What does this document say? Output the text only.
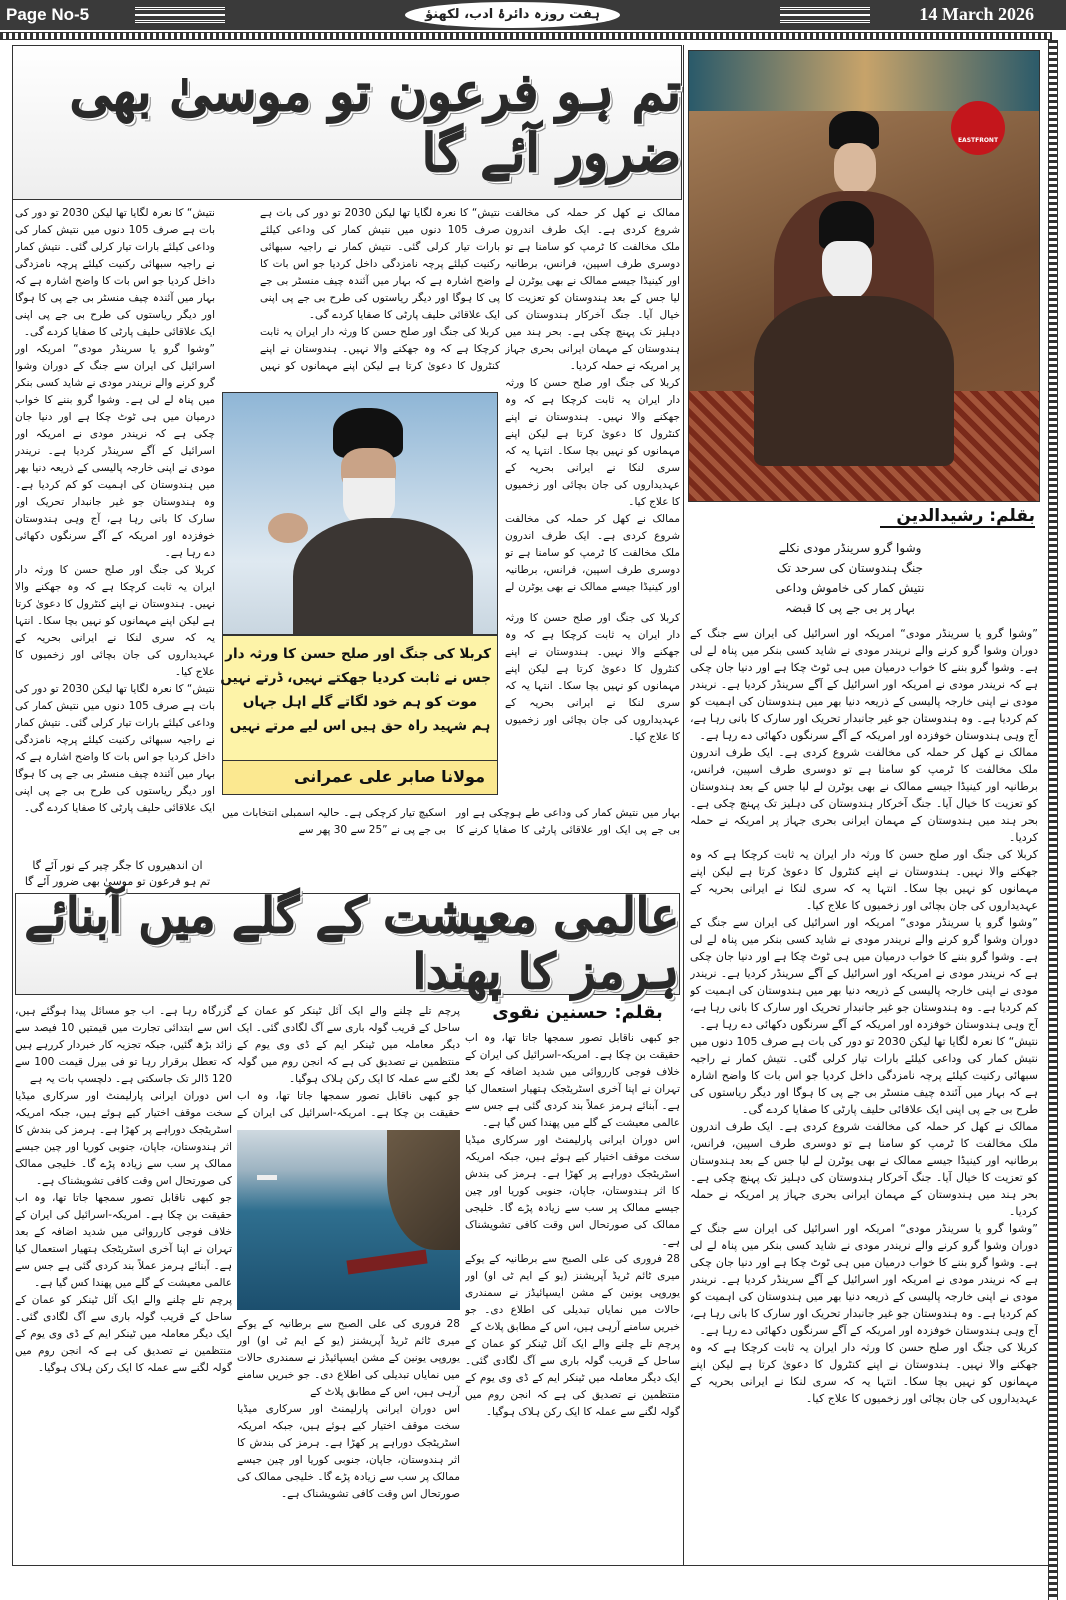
Page No-5	ہفت روزہ دائرۂ ادب، لکھنؤ	14 March 2026
تم ہو فرعون تو موسیٰ بھی ضرور آئے گا

ممالک نے کھل کر حملہ کی مخالفت شروع کردی ہے۔ ایک طرف اندرون ملک مخالفت کا ٹرمپ کو سامنا ہے تو دوسری طرف اسپین، فرانس، برطانیہ اور کینیڈا جیسے ممالک نے بھی یوٹرن لے لیا جس کے بعد ہندوستان کو تعزیت کا خیال آیا۔ جنگ آخرکار ہندوستان کی دہلیز تک پہنچ چکی ہے۔ بحر ہند میں ہندوستان کے مہمان ایرانی بحری جہاز پر امریکہ نے حملہ کردیا۔

کربلا کی جنگ اور صلح حسن کا ورثہ دار ایران یہ ثابت کرچکا ہے کہ وہ جھکنے والا نہیں۔ ہندوستان نے اپنے کنٹرول کا دعویٰ کرتا ہے لیکن اپنے مہمانوں کو نہیں بچا سکا۔ انتہا یہ کہ سری لنکا نے ایرانی بحریہ کے عہدیداروں کی جان بچائی اور زخمیوں کا علاج کیا۔

ممالک نے کھل کر حملہ کی مخالفت شروع کردی ہے۔ ایک طرف اندرون ملک مخالفت کا ٹرمپ کو سامنا ہے تو دوسری طرف اسپین، فرانس، برطانیہ اور کینیڈا جیسے ممالک نے بھی یوٹرن لے

نتیش“ کا نعرہ لگایا تھا لیکن 2030 تو دور کی بات ہے صرف 105 دنوں میں نتیش کمار کی وداعی کیلئے بارات تیار کرلی گئی۔ نتیش کمار نے راجیہ سبھائی رکنیت کیلئے پرچہ نامزدگی داخل کردیا جو اس بات کا واضح اشارہ ہے کہ بہار میں آئندہ چیف منسٹر بی جے پی کا ہوگا اور دیگر ریاستوں کی طرح بی جے پی اپنی ایک علاقائی حلیف پارٹی کا صفایا کردے گی۔

کربلا کی جنگ اور صلح حسن کا ورثہ دار ایران یہ ثابت کرچکا ہے کہ وہ جھکنے والا نہیں۔ ہندوستان نے اپنے کنٹرول کا دعویٰ کرتا ہے لیکن اپنے مہمانوں کو نہیں

نتیش“ کا نعرہ لگایا تھا لیکن 2030 تو دور کی بات ہے صرف 105 دنوں میں نتیش کمار کی وداعی کیلئے بارات تیار کرلی گئی۔ نتیش کمار نے راجیہ سبھائی رکنیت کیلئے پرچہ نامزدگی داخل کردیا جو اس بات کا واضح اشارہ ہے کہ بہار میں آئندہ چیف منسٹر بی جے پی کا ہوگا اور دیگر ریاستوں کی طرح بی جے پی اپنی ایک علاقائی حلیف پارٹی کا صفایا کردے گی۔

”وشوا گرو یا سرینڈر مودی“ امریکہ اور اسرائیل کی ایران سے جنگ کے دوران وشوا گرو کرنے والے نریندر مودی نے شاید کسی بنکر میں پناہ لے لی ہے۔ وشوا گرو بننے کا خواب درمیان میں ہی ٹوٹ چکا ہے اور دنیا جان چکی ہے کہ نریندر مودی نے امریکہ اور اسرائیل کے آگے سرینڈر کردیا ہے۔ نریندر مودی نے اپنی خارجہ پالیسی کے ذریعہ دنیا بھر میں ہندوستان کی اہمیت کو کم کردیا ہے۔ وہ ہندوستان جو غیر جانبدار تحریک اور سارک کا بانی رہا ہے، آج وہی ہندوستان خوفزدہ اور امریکہ کے آگے سرنگوں دکھائی دے رہا ہے۔

کربلا کی جنگ اور صلح حسن کا ورثہ دار ایران یہ ثابت کرچکا ہے کہ وہ جھکنے والا نہیں۔ ہندوستان نے اپنے کنٹرول کا دعویٰ کرتا ہے لیکن اپنے مہمانوں کو نہیں بچا سکا۔ انتہا یہ کہ سری لنکا نے ایرانی بحریہ کے عہدیداروں کی جان بچائی اور زخمیوں کا علاج کیا۔

نتیش“ کا نعرہ لگایا تھا لیکن 2030 تو دور کی بات ہے صرف 105 دنوں میں نتیش کمار کی وداعی کیلئے بارات تیار کرلی گئی۔ نتیش کمار نے راجیہ سبھائی رکنیت کیلئے پرچہ نامزدگی داخل کردیا جو اس بات کا واضح اشارہ ہے کہ بہار میں آئندہ چیف منسٹر بی جے پی کا ہوگا اور دیگر ریاستوں کی طرح بی جے پی اپنی ایک علاقائی حلیف پارٹی کا صفایا کردے گی۔

کربلا کی جنگ اور صلح حسن کا ورثہ دار ایران یہ ثابت کرچکا ہے کہ وہ جھکنے والا نہیں۔ ہندوستان نے اپنے کنٹرول کا دعویٰ کرتا ہے لیکن اپنے مہمانوں کو نہیں بچا سکا۔ انتہا یہ کہ سری لنکا نے ایرانی بحریہ کے عہدیداروں کی جان بچائی اور زخمیوں کا علاج کیا۔

بہار میں نتیش کمار کی وداعی طے ہوچکی ہے اور بی جے پی ایک اور علاقائی پارٹی کا صفایا کرنے کا اسکیچ تیار کرچکی ہے۔ حالیہ اسمبلی انتخابات میں بی جے پی نے ”25 سے 30 پھر سے

کربلا کی جنگ اور صلح حسن کا ورثہ دار
جس نے ثابت کردیا جھکتے نہیں، ڈرتے نہیں
موت کو ہم خود لگاتے گلے اہل جہاں
ہم شہید راہ حق ہیں اس لیے مرتے نہیں
مولانا صابر علی عمرانی
ان اندھیروں کا جگر چیر کے نور آئے گا
تم ہو فرعون تو موسیٰ بھی ضرور آئے گا
EASTFRONT
بقلم: رشیدالدین
وشوا گرو سرینڈر مودی نکلے
جنگ ہندوستان کی سرحد تک
نتیش کمار کی خاموش وداعی
بہار پر بی جے پی کا قبضہ

”وشوا گرو یا سرینڈر مودی“ امریکہ اور اسرائیل کی ایران سے جنگ کے دوران وشوا گرو کرنے والے نریندر مودی نے شاید کسی بنکر میں پناہ لے لی ہے۔ وشوا گرو بننے کا خواب درمیان میں ہی ٹوٹ چکا ہے اور دنیا جان چکی ہے کہ نریندر مودی نے امریکہ اور اسرائیل کے آگے سرینڈر کردیا ہے۔ نریندر مودی نے اپنی خارجہ پالیسی کے ذریعہ دنیا بھر میں ہندوستان کی اہمیت کو کم کردیا ہے۔ وہ ہندوستان جو غیر جانبدار تحریک اور سارک کا بانی رہا ہے، آج وہی ہندوستان خوفزدہ اور امریکہ کے آگے سرنگوں دکھائی دے رہا ہے۔

ممالک نے کھل کر حملہ کی مخالفت شروع کردی ہے۔ ایک طرف اندرون ملک مخالفت کا ٹرمپ کو سامنا ہے تو دوسری طرف اسپین، فرانس، برطانیہ اور کینیڈا جیسے ممالک نے بھی یوٹرن لے لیا جس کے بعد ہندوستان کو تعزیت کا خیال آیا۔ جنگ آخرکار ہندوستان کی دہلیز تک پہنچ چکی ہے۔ بحر ہند میں ہندوستان کے مہمان ایرانی بحری جہاز پر امریکہ نے حملہ کردیا۔

کربلا کی جنگ اور صلح حسن کا ورثہ دار ایران یہ ثابت کرچکا ہے کہ وہ جھکنے والا نہیں۔ ہندوستان نے اپنے کنٹرول کا دعویٰ کرتا ہے لیکن اپنے مہمانوں کو نہیں بچا سکا۔ انتہا یہ کہ سری لنکا نے ایرانی بحریہ کے عہدیداروں کی جان بچائی اور زخمیوں کا علاج کیا۔

”وشوا گرو یا سرینڈر مودی“ امریکہ اور اسرائیل کی ایران سے جنگ کے دوران وشوا گرو کرنے والے نریندر مودی نے شاید کسی بنکر میں پناہ لے لی ہے۔ وشوا گرو بننے کا خواب درمیان میں ہی ٹوٹ چکا ہے اور دنیا جان چکی ہے کہ نریندر مودی نے امریکہ اور اسرائیل کے آگے سرینڈر کردیا ہے۔ نریندر مودی نے اپنی خارجہ پالیسی کے ذریعہ دنیا بھر میں ہندوستان کی اہمیت کو کم کردیا ہے۔ وہ ہندوستان جو غیر جانبدار تحریک اور سارک کا بانی رہا ہے، آج وہی ہندوستان خوفزدہ اور امریکہ کے آگے سرنگوں دکھائی دے رہا ہے۔

نتیش“ کا نعرہ لگایا تھا لیکن 2030 تو دور کی بات ہے صرف 105 دنوں میں نتیش کمار کی وداعی کیلئے بارات تیار کرلی گئی۔ نتیش کمار نے راجیہ سبھائی رکنیت کیلئے پرچہ نامزدگی داخل کردیا جو اس بات کا واضح اشارہ ہے کہ بہار میں آئندہ چیف منسٹر بی جے پی کا ہوگا اور دیگر ریاستوں کی طرح بی جے پی اپنی ایک علاقائی حلیف پارٹی کا صفایا کردے گی۔

ممالک نے کھل کر حملہ کی مخالفت شروع کردی ہے۔ ایک طرف اندرون ملک مخالفت کا ٹرمپ کو سامنا ہے تو دوسری طرف اسپین، فرانس، برطانیہ اور کینیڈا جیسے ممالک نے بھی یوٹرن لے لیا جس کے بعد ہندوستان کو تعزیت کا خیال آیا۔ جنگ آخرکار ہندوستان کی دہلیز تک پہنچ چکی ہے۔ بحر ہند میں ہندوستان کے مہمان ایرانی بحری جہاز پر امریکہ نے حملہ کردیا۔

”وشوا گرو یا سرینڈر مودی“ امریکہ اور اسرائیل کی ایران سے جنگ کے دوران وشوا گرو کرنے والے نریندر مودی نے شاید کسی بنکر میں پناہ لے لی ہے۔ وشوا گرو بننے کا خواب درمیان میں ہی ٹوٹ چکا ہے اور دنیا جان چکی ہے کہ نریندر مودی نے امریکہ اور اسرائیل کے آگے سرینڈر کردیا ہے۔ نریندر مودی نے اپنی خارجہ پالیسی کے ذریعہ دنیا بھر میں ہندوستان کی اہمیت کو کم کردیا ہے۔ وہ ہندوستان جو غیر جانبدار تحریک اور سارک کا بانی رہا ہے، آج وہی ہندوستان خوفزدہ اور امریکہ کے آگے سرنگوں دکھائی دے رہا ہے۔

کربلا کی جنگ اور صلح حسن کا ورثہ دار ایران یہ ثابت کرچکا ہے کہ وہ جھکنے والا نہیں۔ ہندوستان نے اپنے کنٹرول کا دعویٰ کرتا ہے لیکن اپنے مہمانوں کو نہیں بچا سکا۔ انتہا یہ کہ سری لنکا نے ایرانی بحریہ کے عہدیداروں کی جان بچائی اور زخمیوں کا علاج کیا۔

عالمی معیشت کے گلے میں آبنائے ہرمز کا پھندا
بقلم: حسنین نقوی

جو کبھی ناقابل تصور سمجھا جاتا تھا، وہ اب حقیقت بن چکا ہے۔ امریکہ-اسرائیل کی ایران کے خلاف فوجی کارروائی میں شدید اضافہ کے بعد تہران نے اپنا آخری اسٹریٹجک ہتھیار استعمال کیا ہے۔ آبنائے ہرمز عملاً بند کردی گئی ہے جس سے عالمی معیشت کے گلے میں پھندا کس گیا ہے۔

اس دوران ایرانی پارلیمنٹ اور سرکاری میڈیا سخت موقف اختیار کیے ہوئے ہیں، جبکہ امریکہ اسٹریٹجک دوراہے پر کھڑا ہے۔ ہرمز کی بندش کا اثر ہندوستان، جاپان، جنوبی کوریا اور چین جیسے ممالک پر سب سے زیادہ پڑے گا۔ خلیجی ممالک کی صورتحال اس وقت کافی تشویشناک ہے۔

28 فروری کی علی الصبح سے برطانیہ کے یوکے میری ٹائم ٹریڈ آپریشنز (یو کے ایم ٹی او) اور یوروپی یونین کے مشن ایسپائیڈز نے سمندری حالات میں نمایاں تبدیلی کی اطلاع دی۔ جو خبریں سامنے آرہی ہیں، اس کے مطابق پلاٹ کے

پرچم تلے چلنے والے ایک آئل ٹینکر کو عمان کے ساحل کے قریب گولہ باری سے آگ لگادی گئی۔ ایک دیگر معاملہ میں ٹینکر ایم کے ڈی وی یوم کے منتظمین نے تصدیق کی ہے کہ انجن روم میں گولہ لگنے سے عملہ کا ایک رکن ہلاک ہوگیا۔

پرچم تلے چلنے والے ایک آئل ٹینکر کو عمان کے ساحل کے قریب گولہ باری سے آگ لگادی گئی۔ ایک دیگر معاملہ میں ٹینکر ایم کے ڈی وی یوم کے منتظمین نے تصدیق کی ہے کہ انجن روم میں گولہ لگنے سے عملہ کا ایک رکن ہلاک ہوگیا۔

جو کبھی ناقابل تصور سمجھا جاتا تھا، وہ اب حقیقت بن چکا ہے۔ امریکہ-اسرائیل کی ایران کے

28 فروری کی علی الصبح سے برطانیہ کے یوکے میری ٹائم ٹریڈ آپریشنز (یو کے ایم ٹی او) اور یوروپی یونین کے مشن ایسپائیڈز نے سمندری حالات میں نمایاں تبدیلی کی اطلاع دی۔ جو خبریں سامنے آرہی ہیں، اس کے مطابق پلاٹ کے

اس دوران ایرانی پارلیمنٹ اور سرکاری میڈیا سخت موقف اختیار کیے ہوئے ہیں، جبکہ امریکہ اسٹریٹجک دوراہے پر کھڑا ہے۔ ہرمز کی بندش کا اثر ہندوستان، جاپان، جنوبی کوریا اور چین جیسے ممالک پر سب سے زیادہ پڑے گا۔ خلیجی ممالک کی صورتحال اس وقت کافی تشویشناک ہے۔

گزرگاہ رہا ہے۔ اب جو مسائل پیدا ہوگئے ہیں، اس سے ابتدائی تجارت میں قیمتیں 10 فیصد سے زائد بڑھ گئیں، جبکہ تجزیہ کار خبردار کررہے ہیں کہ تعطل برقرار رہا تو فی بیرل قیمت 100 سے 120 ڈالر تک جاسکتی ہے۔ دلچسپ بات یہ ہے

اس دوران ایرانی پارلیمنٹ اور سرکاری میڈیا سخت موقف اختیار کیے ہوئے ہیں، جبکہ امریکہ اسٹریٹجک دوراہے پر کھڑا ہے۔ ہرمز کی بندش کا اثر ہندوستان، جاپان، جنوبی کوریا اور چین جیسے ممالک پر سب سے زیادہ پڑے گا۔ خلیجی ممالک کی صورتحال اس وقت کافی تشویشناک ہے۔

جو کبھی ناقابل تصور سمجھا جاتا تھا، وہ اب حقیقت بن چکا ہے۔ امریکہ-اسرائیل کی ایران کے خلاف فوجی کارروائی میں شدید اضافہ کے بعد تہران نے اپنا آخری اسٹریٹجک ہتھیار استعمال کیا ہے۔ آبنائے ہرمز عملاً بند کردی گئی ہے جس سے عالمی معیشت کے گلے میں پھندا کس گیا ہے۔

پرچم تلے چلنے والے ایک آئل ٹینکر کو عمان کے ساحل کے قریب گولہ باری سے آگ لگادی گئی۔ ایک دیگر معاملہ میں ٹینکر ایم کے ڈی وی یوم کے منتظمین نے تصدیق کی ہے کہ انجن روم میں گولہ لگنے سے عملہ کا ایک رکن ہلاک ہوگیا۔
